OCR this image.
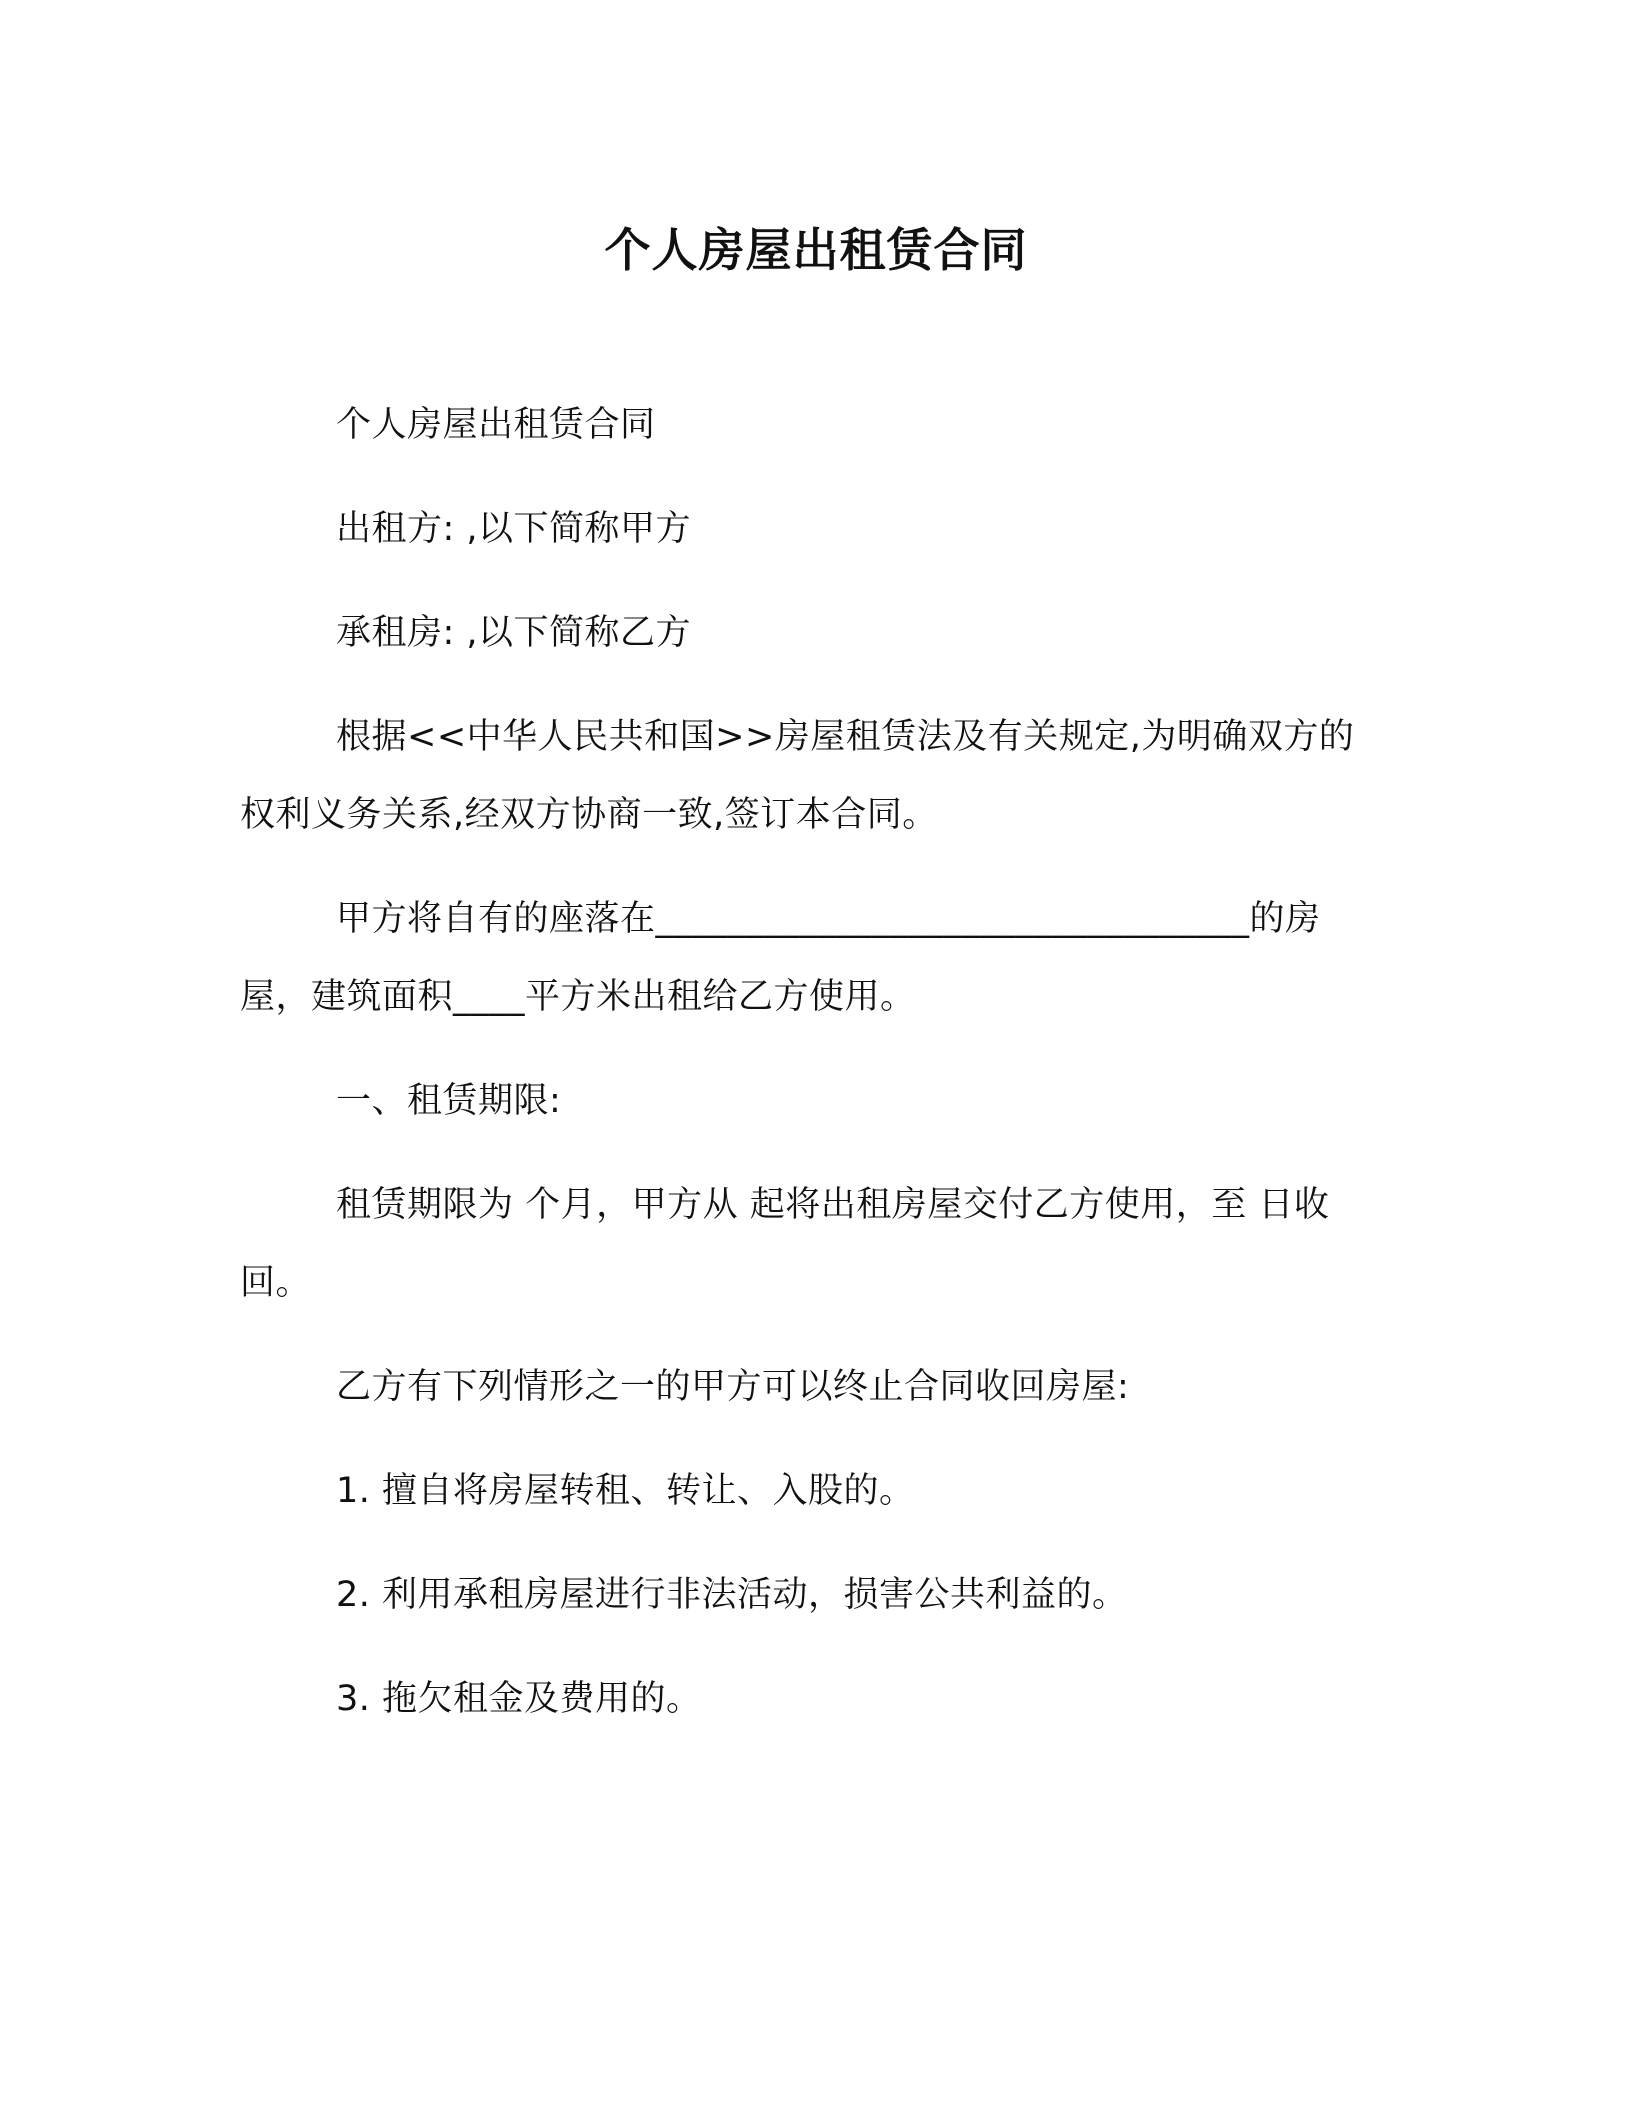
个人房屋出租赁合同
个人房屋出租赁合同
出租方: ,以下简称甲方
承租房: ,以下简称乙方
根据<<中华人民共和国>>房屋租赁法及有关规定,为明确双方的权利义务关系,经双方协商一致,签订本合同。
甲方将自有的座落在_________________________________的房屋，建筑面积____平方米出租给乙方使用。
一、租赁期限:
租赁期限为 个月，甲方从 起将出租房屋交付乙方使用，至 日收回。
乙方有下列情形之一的甲方可以终止合同收回房屋:
1. 擅自将房屋转租、转让、入股的。
2. 利用承租房屋进行非法活动，损害公共利益的。
3. 拖欠租金及费用的。
